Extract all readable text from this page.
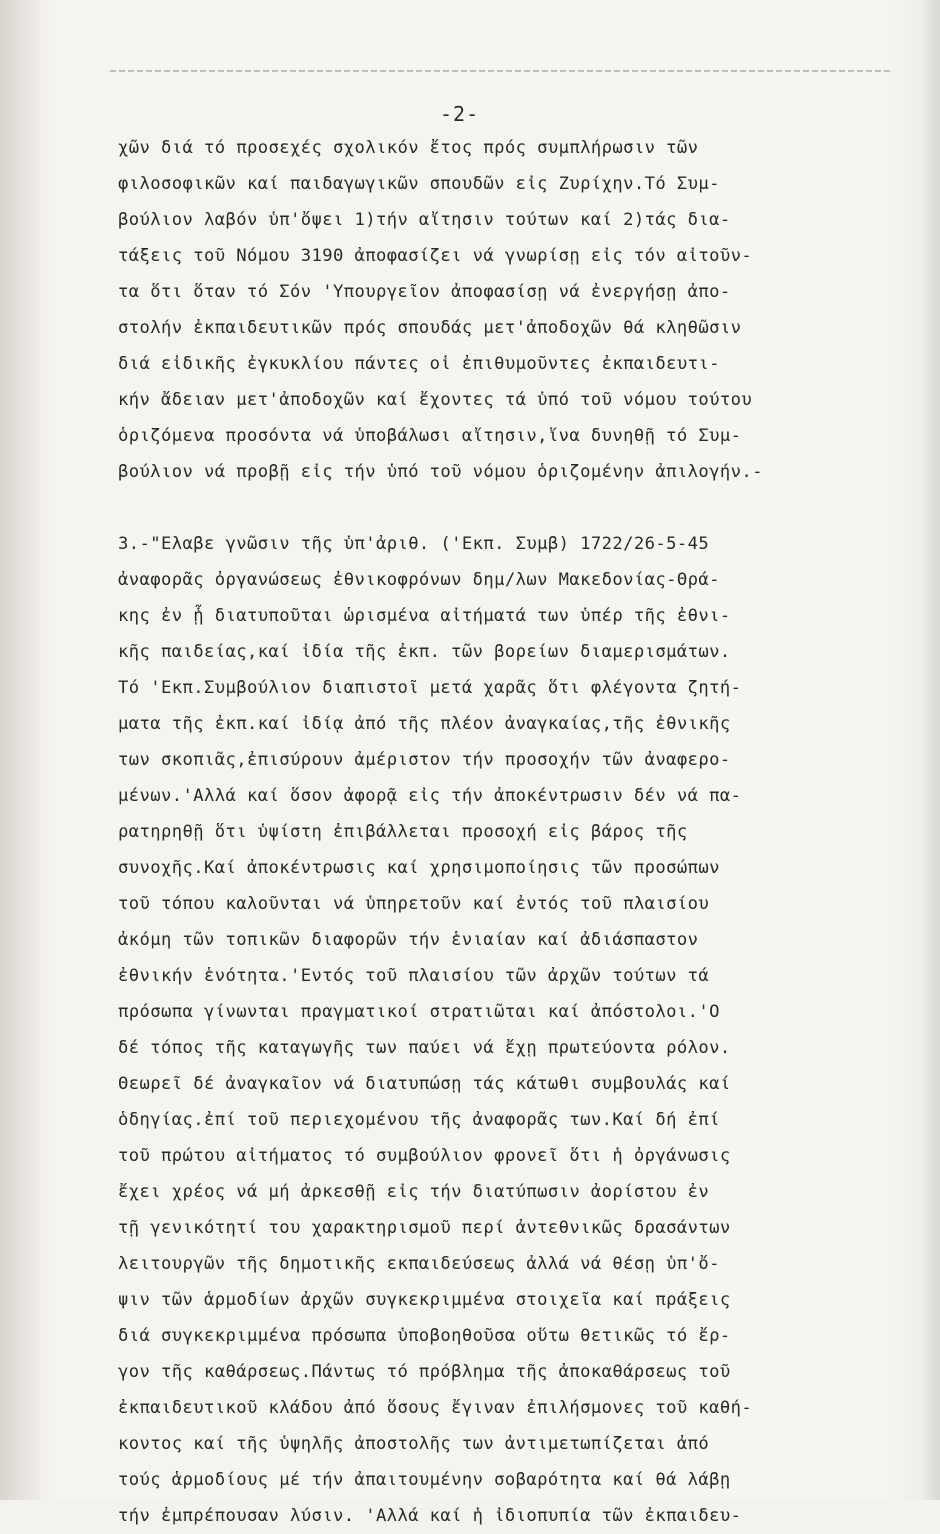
-2-
χῶν διά τό προσεχές σχολικόν ἔτος πρός συμπλήρωσιν τῶν
φιλοσοφικῶν καί παιδαγωγικῶν σπουδῶν εἰς Ζυρίχην.Τό Συμ-
βούλιον λαβόν ὑπ'ὄψει 1)τήν αἴτησιν τούτων καί 2)τάς δια-
τάξεις τοῦ Νόμου 3190 ἀποφασίζει νά γνωρίσῃ εἰς τόν αἰτοῦν-
τα ὅτι ὅταν τό Σόν 'Υπουργεῖον ἀποφασίσῃ νά ἐνεργήσῃ ἀπο-
στολήν ἐκπαιδευτικῶν πρός σπουδάς μετ'ἀποδοχῶν θά κληθῶσιν
διά εἰδικῆς ἐγκυκλίου πάντες οἱ ἐπιθυμοῦντες ἐκπαιδευτι-
κήν ἄδειαν μετ'ἀποδοχῶν καί ἔχοντες τά ὑπό τοῦ νόμου τούτου
ὁριζόμενα προσόντα νά ὑποβάλωσι αἴτησιν,ἵνα δυνηθῇ τό Συμ-
βούλιον νά προβῇ εἰς τήν ὑπό τοῦ νόμου ὁριζομένην ἀπιλογήν.-
3.-"Ελαβε γνῶσιν τῆς ὑπ'ἀριθ. ('Εκπ. Συμβ) 1722/26-5-45
ἀναφορᾶς ὀργανώσεως ἐθνικοφρόνων δημ/λων Μακεδονίας-Θρά-
κης ἐν ᾗ διατυποῦται ὡρισμένα αἰτήματά των ὑπέρ τῆς ἐθνι-
κῆς παιδείας,καί ἰδία τῆς ἐκπ. τῶν βορείων διαμερισμάτων.
Τό 'Εκπ.Συμβούλιον διαπιστοῖ μετά χαρᾶς ὅτι φλέγοντα ζητή-
ματα τῆς ἐκπ.καί ἰδίᾳ ἀπό τῆς πλέον ἀναγκαίας,τῆς ἐθνικῆς
των σκοπιᾶς,ἐπισύρουν ἀμέριστον τήν προσοχήν τῶν ἀναφερο-
μένων.'Αλλά καί ὅσον ἀφορᾷ εἰς τήν ἀποκέντρωσιν δέν νά πα-
ρατηρηθῇ ὅτι ὑψίστη ἐπιβάλλεται προσοχή εἰς βάρος τῆς
συνοχῆς.Καί ἀποκέντρωσις καί χρησιμοποίησις τῶν προσώπων
τοῦ τόπου καλοῦνται νά ὑπηρετοῦν καί ἐντός τοῦ πλαισίου
ἀκόμη τῶν τοπικῶν διαφορῶν τήν ἑνιαίαν καί ἀδιάσπαστον
ἐθνικήν ἑνότητα.'Εντός τοῦ πλαισίου τῶν ἀρχῶν τούτων τά
πρόσωπα γίνωνται πραγματικοί στρατιῶται καί ἀπόστολοι.'Ο
δέ τόπος τῆς καταγωγῆς των παύει νά ἔχῃ πρωτεύοντα ρόλον.
Θεωρεῖ δέ ἀναγκαῖον νά διατυπώσῃ τάς κάτωθι συμβουλάς καί
ὁδηγίας.ἐπί τοῦ περιεχομένου τῆς ἀναφορᾶς των.Καί δή ἐπί
τοῦ πρώτου αἰτήματος τό συμβούλιον φρονεῖ ὅτι ἡ ὀργάνωσις
ἔχει χρέος νά μή ἀρκεσθῇ εἰς τήν διατύπωσιν ἀορίστου ἐν
τῇ γενικότητί του χαρακτηρισμοῦ περί ἀντεθνικῶς δρασάντων
λειτουργῶν τῆς δημοτικῆς εκπαιδεύσεως ἀλλά νά θέσῃ ὑπ'ὄ-
ψιν τῶν ἁρμοδίων ἀρχῶν συγκεκριμμένα στοιχεῖα καί πράξεις
διά συγκεκριμμένα πρόσωπα ὑποβοηθοῦσα οὕτω θετικῶς τό ἔρ-
γον τῆς καθάρσεως.Πάντως τό πρόβλημα τῆς ἀποκαθάρσεως τοῦ
ἐκπαιδευτικοῦ κλάδου ἀπό ὅσους ἔγιναν ἐπιλήσμονες τοῦ καθή-
κοντος καί τῆς ὑψηλῆς ἀποστολῆς των ἀντιμετωπίζεται ἀπό
τούς ἁρμοδίους μέ τήν ἀπαιτουμένην σοβαρότητα καί θά λάβῃ
τήν ἐμπρέπουσαν λύσιν. 'Αλλά καί ἡ ἰδιοπυπία τῶν ἐκπαιδευ-
